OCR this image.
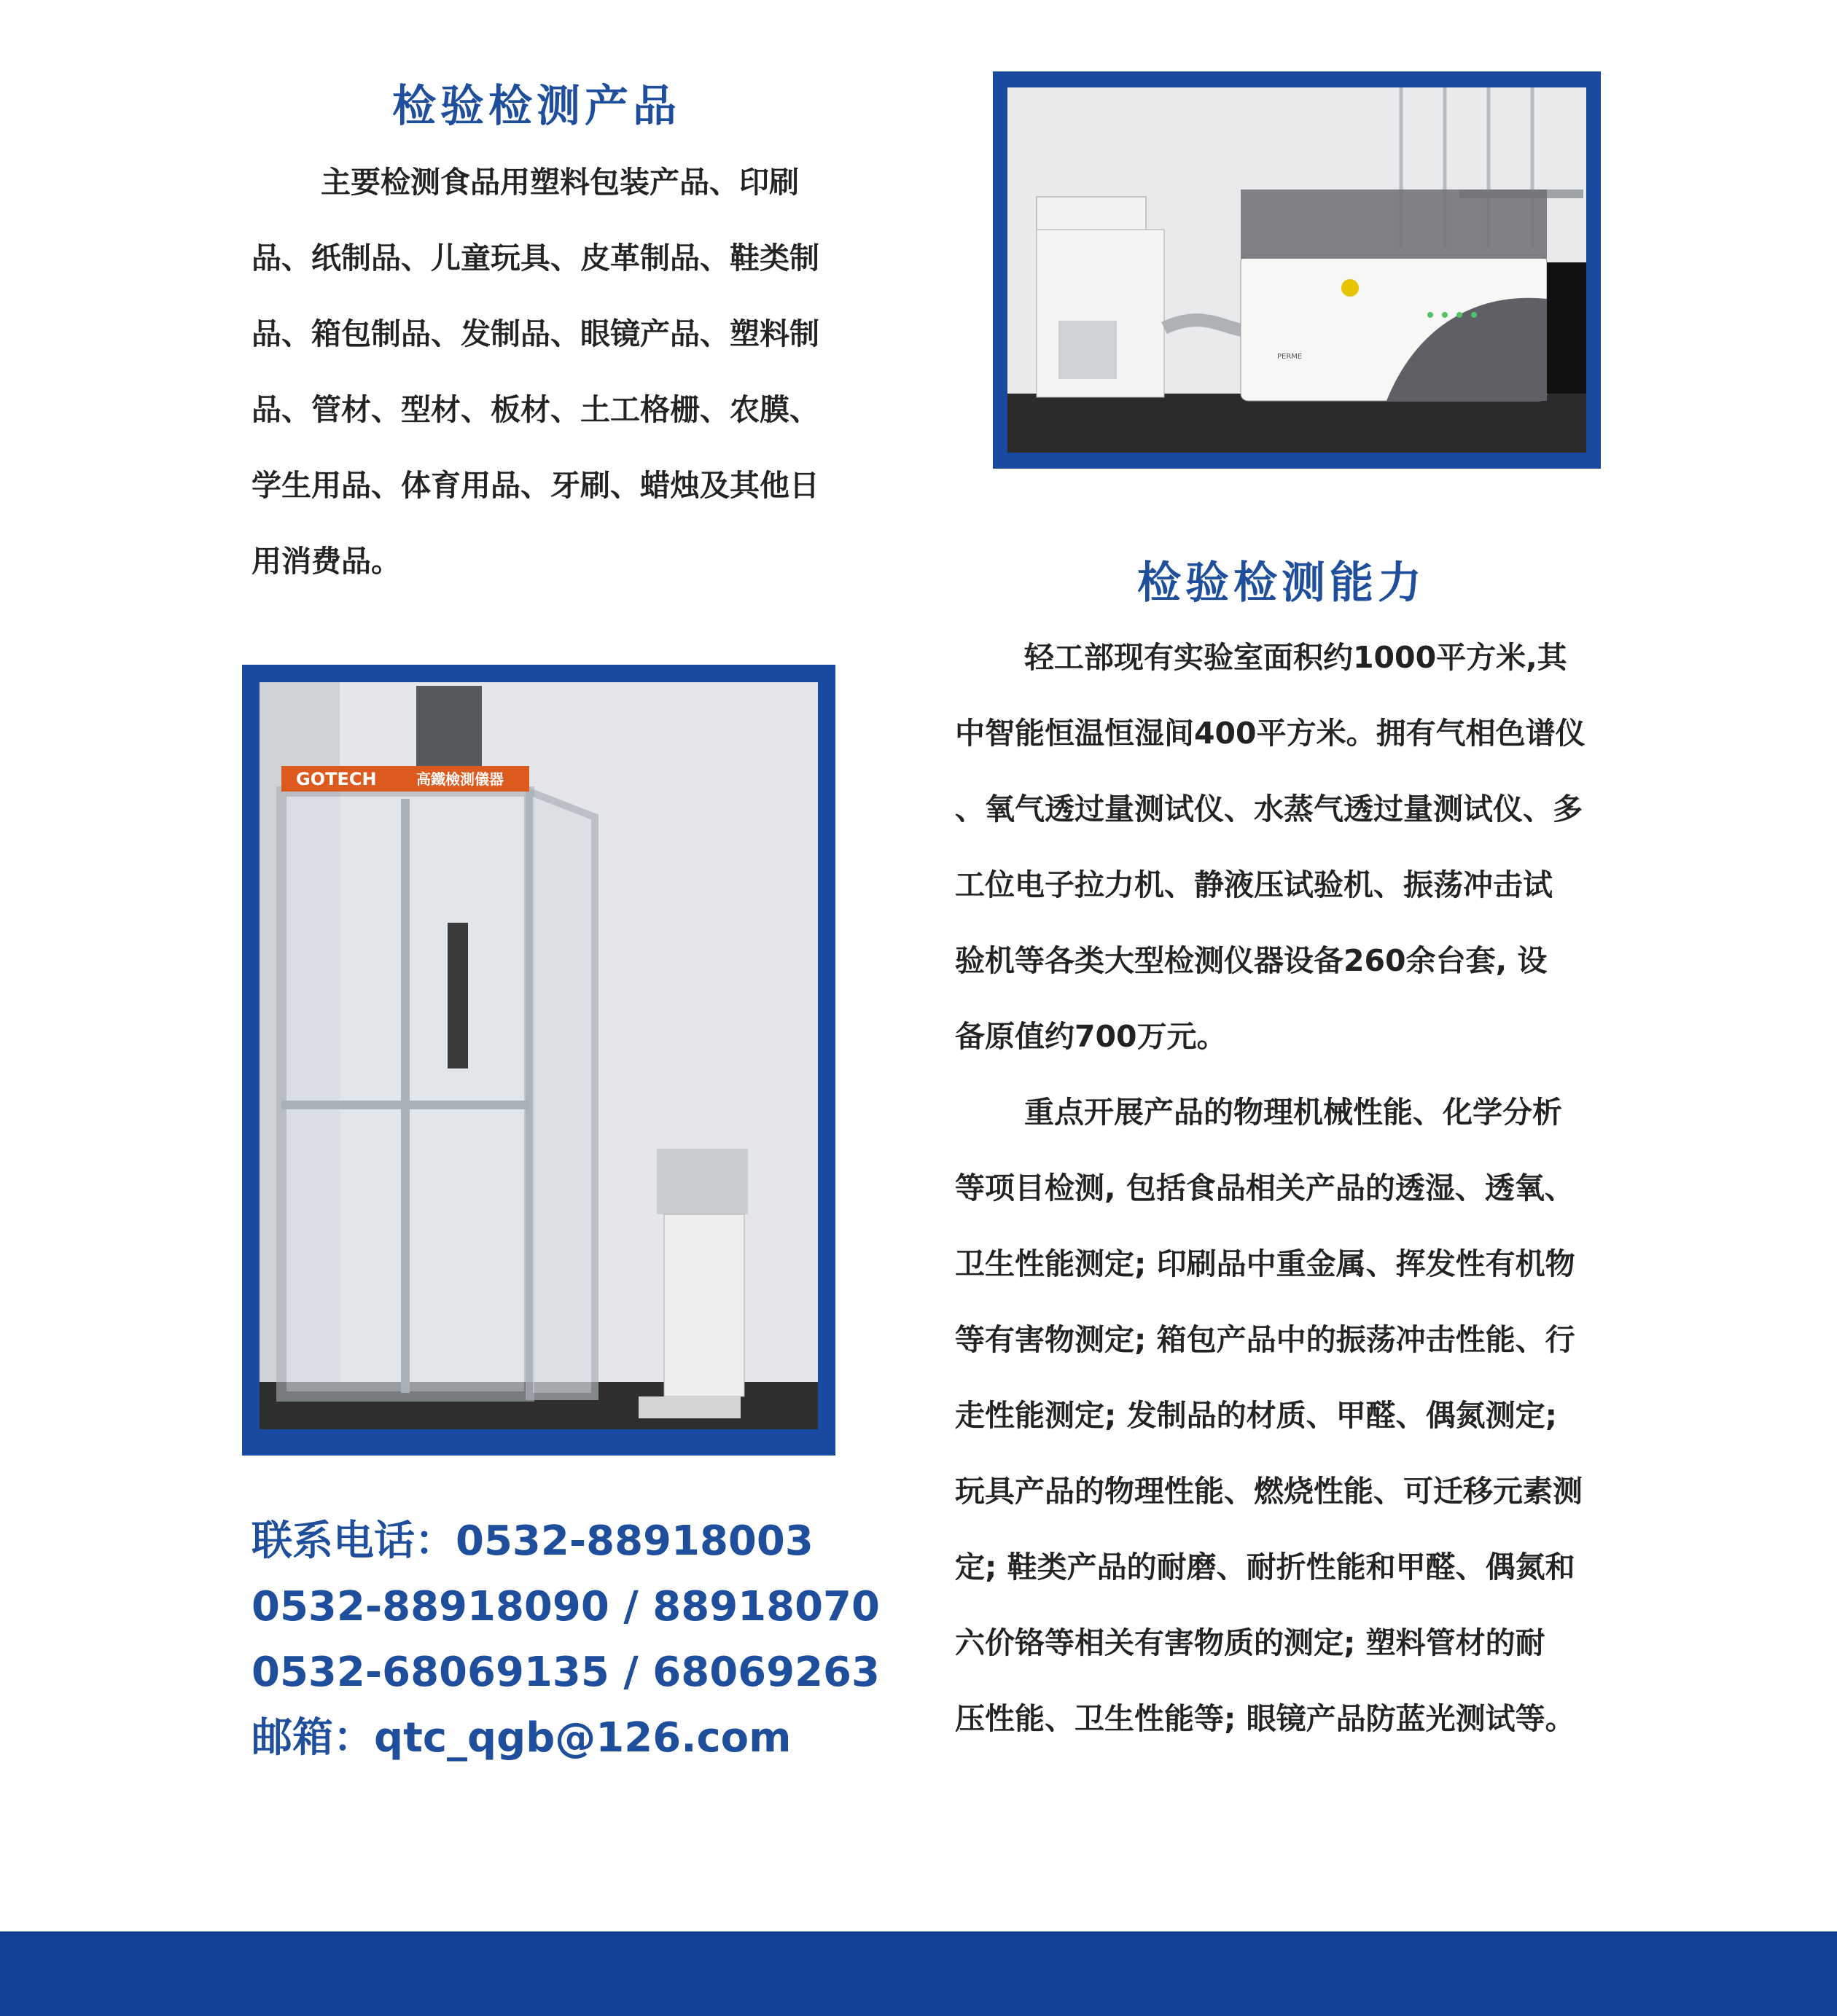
检验检测产品
主要检测食品用塑料包装产品、印刷
品、纸制品、儿童玩具、皮革制品、鞋类制
品、箱包制品、发制品、眼镜产品、塑料制
品、管材、型材、板材、土工格栅、农膜、
学生用品、体育用品、牙刷、蜡烛及其他日
用消费品。
PERME
检验检测能力
轻工部现有实验室面积约1000平方米,其
中智能恒温恒湿间400平方米。拥有气相色谱仪
、氧气透过量测试仪、水蒸气透过量测试仪、多
工位电子拉力机、静液压试验机、振荡冲击试
验机等各类大型检测仪器设备260余台套, 设
备原值约700万元。
重点开展产品的物理机械性能、化学分析
等项目检测, 包括食品相关产品的透湿、透氧、
卫生性能测定; 印刷品中重金属、挥发性有机物
等有害物测定; 箱包产品中的振荡冲击性能、行
走性能测定; 发制品的材质、甲醛、偶氮测定;
玩具产品的物理性能、燃烧性能、可迁移元素测
定; 鞋类产品的耐磨、耐折性能和甲醛、偶氮和
六价铬等相关有害物质的测定; 塑料管材的耐
压性能、卫生性能等; 眼镜产品防蓝光测试等。
GOTECH	高鐵檢測儀器
联系电话：0532-88918003
0532-88918090 / 88918070
0532-68069135 / 68069263
邮箱：qtc_qgb@126.com
